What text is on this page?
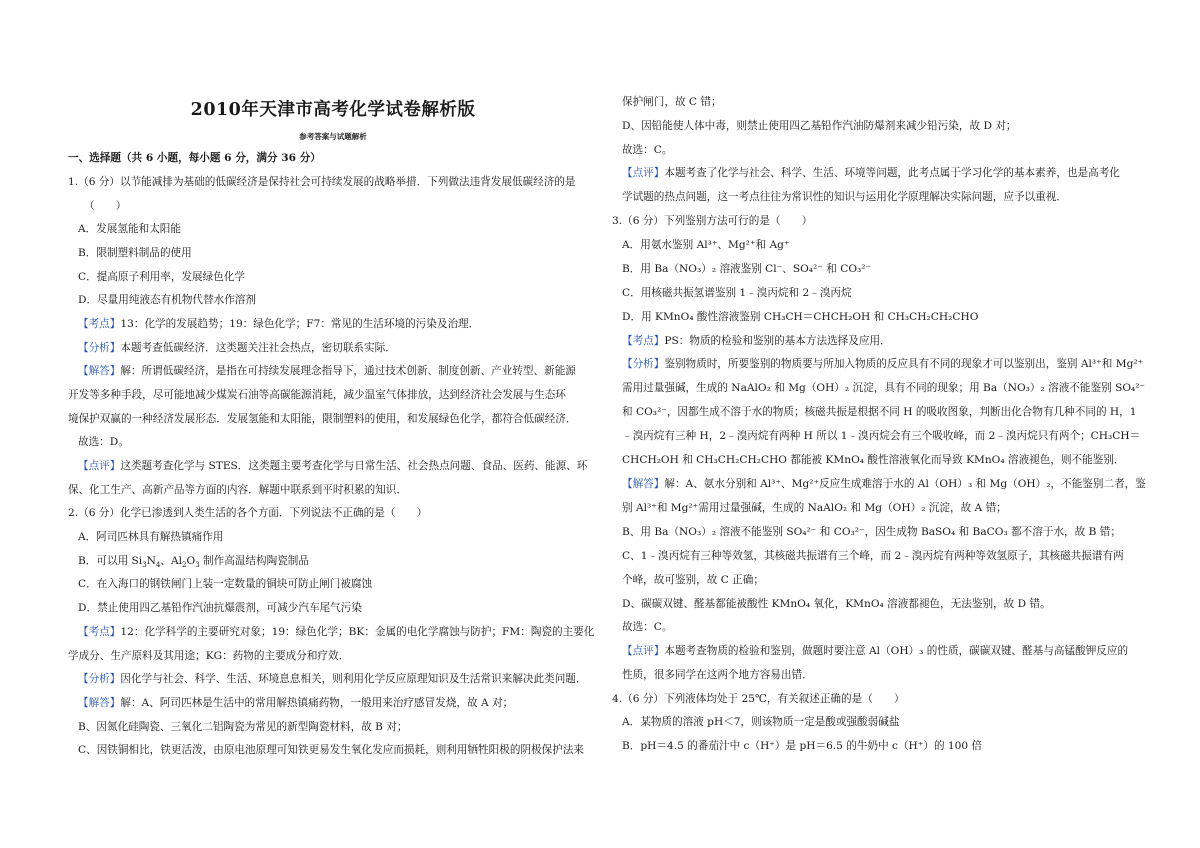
2010年天津市高考化学试卷解析版
参考答案与试题解析
一、选择题（共 6 小题，每小题 6 分，满分 36 分）
1.（6 分）以节能减排为基础的低碳经济是保持社会可持续发展的战略举措．下列做法违背发展低碳经济的是
（　　）
A．发展氢能和太阳能
B．限制塑料制品的使用
C．提高原子利用率，发展绿色化学
D．尽量用纯液态有机物代替水作溶剂
【考点】13：化学的发展趋势；19：绿色化学；F7：常见的生活环境的污染及治理．
【分析】本题考查低碳经济．这类题关注社会热点，密切联系实际．
【解答】解：所谓低碳经济，是指在可持续发展理念指导下，通过技术创新、制度创新、产业转型、新能源
开发等多种手段，尽可能地减少煤炭石油等高碳能源消耗，减少温室气体排放，达到经济社会发展与生态环
境保护双赢的一种经济发展形态．发展氢能和太阳能，限制塑料的使用，和发展绿色化学，都符合低碳经济．
故选：D。
【点评】这类题考查化学与 STES．这类题主要考查化学与日常生活、社会热点问题、食品、医药、能源、环
保、化工生产、高新产品等方面的内容．解题中联系到平时积累的知识．
2.（6 分）化学已渗透到人类生活的各个方面．下列说法不正确的是（　　）
A．阿司匹林具有解热镇痛作用
B．可以用 $Si_3N_4$、$Al_2O_3$ 制作高温结构陶瓷制品
C．在入海口的钢铁闸门上装一定数量的铜块可防止闸门被腐蚀
D．禁止使用四乙基铅作汽油抗爆震剂，可减少汽车尾气污染
【考点】12：化学科学的主要研究对象；19：绿色化学；BK：金属的电化学腐蚀与防护；FM：陶瓷的主要化
学成分、生产原料及其用途；KG：药物的主要成分和疗效．
【分析】因化学与社会、科学、生活、环境息息相关，则利用化学反应原理知识及生活常识来解决此类问题．
【解答】解：A、阿司匹林是生活中的常用解热镇痛药物，一般用来治疗感冒发烧，故 A 对；
B、因氮化硅陶瓷、三氧化二铝陶瓷为常见的新型陶瓷材料，故 B 对；
C、因铁铜相比，铁更活泼，由原电池原理可知铁更易发生氧化发应而损耗，则利用牺牲阳极的阴极保护法来
保护闸门，故 C 错；
D、因铅能使人体中毒，则禁止使用四乙基铅作汽油防爆剂来减少铅污染，故 D 对；
故选：C。
【点评】本题考查了化学与社会、科学、生活、环境等问题，此考点属于学习化学的基本素养，也是高考化
学试题的热点问题，这一考点往往为常识性的知识与运用化学原理解决实际问题，应予以重视．
3.（6 分）下列鉴别方法可行的是（　　）
A．用氨水鉴别 Al³⁺、Mg²⁺和 Ag⁺
B．用 Ba（NO₃）₂ 溶液鉴别 Cl⁻、SO₄²⁻ 和 CO₃²⁻
C．用核磁共振氢谱鉴别 1﹣溴丙烷和 2﹣溴丙烷
D．用 KMnO₄ 酸性溶液鉴别 CH₃CH＝CHCH₂OH 和 CH₃CH₂CH₂CHO
【考点】PS：物质的检验和鉴别的基本方法选择及应用．
【分析】鉴别物质时，所要鉴别的物质要与所加入物质的反应具有不同的现象才可以鉴别出，鉴别 Al³⁺和 Mg²⁺
需用过量强碱，生成的 NaAlO₂ 和 Mg（OH）₂ 沉淀，具有不同的现象；用 Ba（NO₃）₂ 溶液不能鉴别 SO₄²⁻
和 CO₃²⁻，因都生成不溶于水的物质；核磁共振是根据不同 H 的吸收图象，判断出化合物有几种不同的 H，1
﹣溴丙烷有三种 H，2﹣溴丙烷有两种 H 所以 1﹣溴丙烷会有三个吸收峰，而 2﹣溴丙烷只有两个；CH₃CH＝
CHCH₂OH 和 CH₃CH₂CH₂CHO 都能被 KMnO₄ 酸性溶液氧化而导致 KMnO₄ 溶液褪色，则不能鉴别．
【解答】解：A、氨水分别和 Al³⁺、Mg²⁺反应生成难溶于水的 Al（OH）₃ 和 Mg（OH）₂，不能鉴别二者，鉴
别 Al³⁺和 Mg²⁺需用过量强碱，生成的 NaAlO₂ 和 Mg（OH）₂ 沉淀，故 A 错；
B、用 Ba（NO₃）₂ 溶液不能鉴别 SO₄²⁻ 和 CO₃²⁻，因生成物 BaSO₄ 和 BaCO₃ 都不溶于水，故 B 错；
C、1﹣溴丙烷有三种等效氢，其核磁共振谱有三个峰，而 2﹣溴丙烷有两种等效氢原子，其核磁共振谱有两
个峰，故可鉴别，故 C 正确；
D、碳碳双键、醛基都能被酸性 KMnO₄ 氧化，KMnO₄ 溶液都褪色，无法鉴别，故 D 错。
故选：C。
【点评】本题考查物质的检验和鉴别，做题时要注意 Al（OH）₃ 的性质，碳碳双键、醛基与高锰酸钾反应的
性质，很多同学在这两个地方容易出错．
4.（6 分）下列液体均处于 25℃，有关叙述正确的是（　　）
A．某物质的溶液 pH＜7，则该物质一定是酸或强酸弱碱盐
B．pH＝4.5 的番茄汁中 c（H⁺）是 pH＝6.5 的牛奶中 c（H⁺）的 100 倍
